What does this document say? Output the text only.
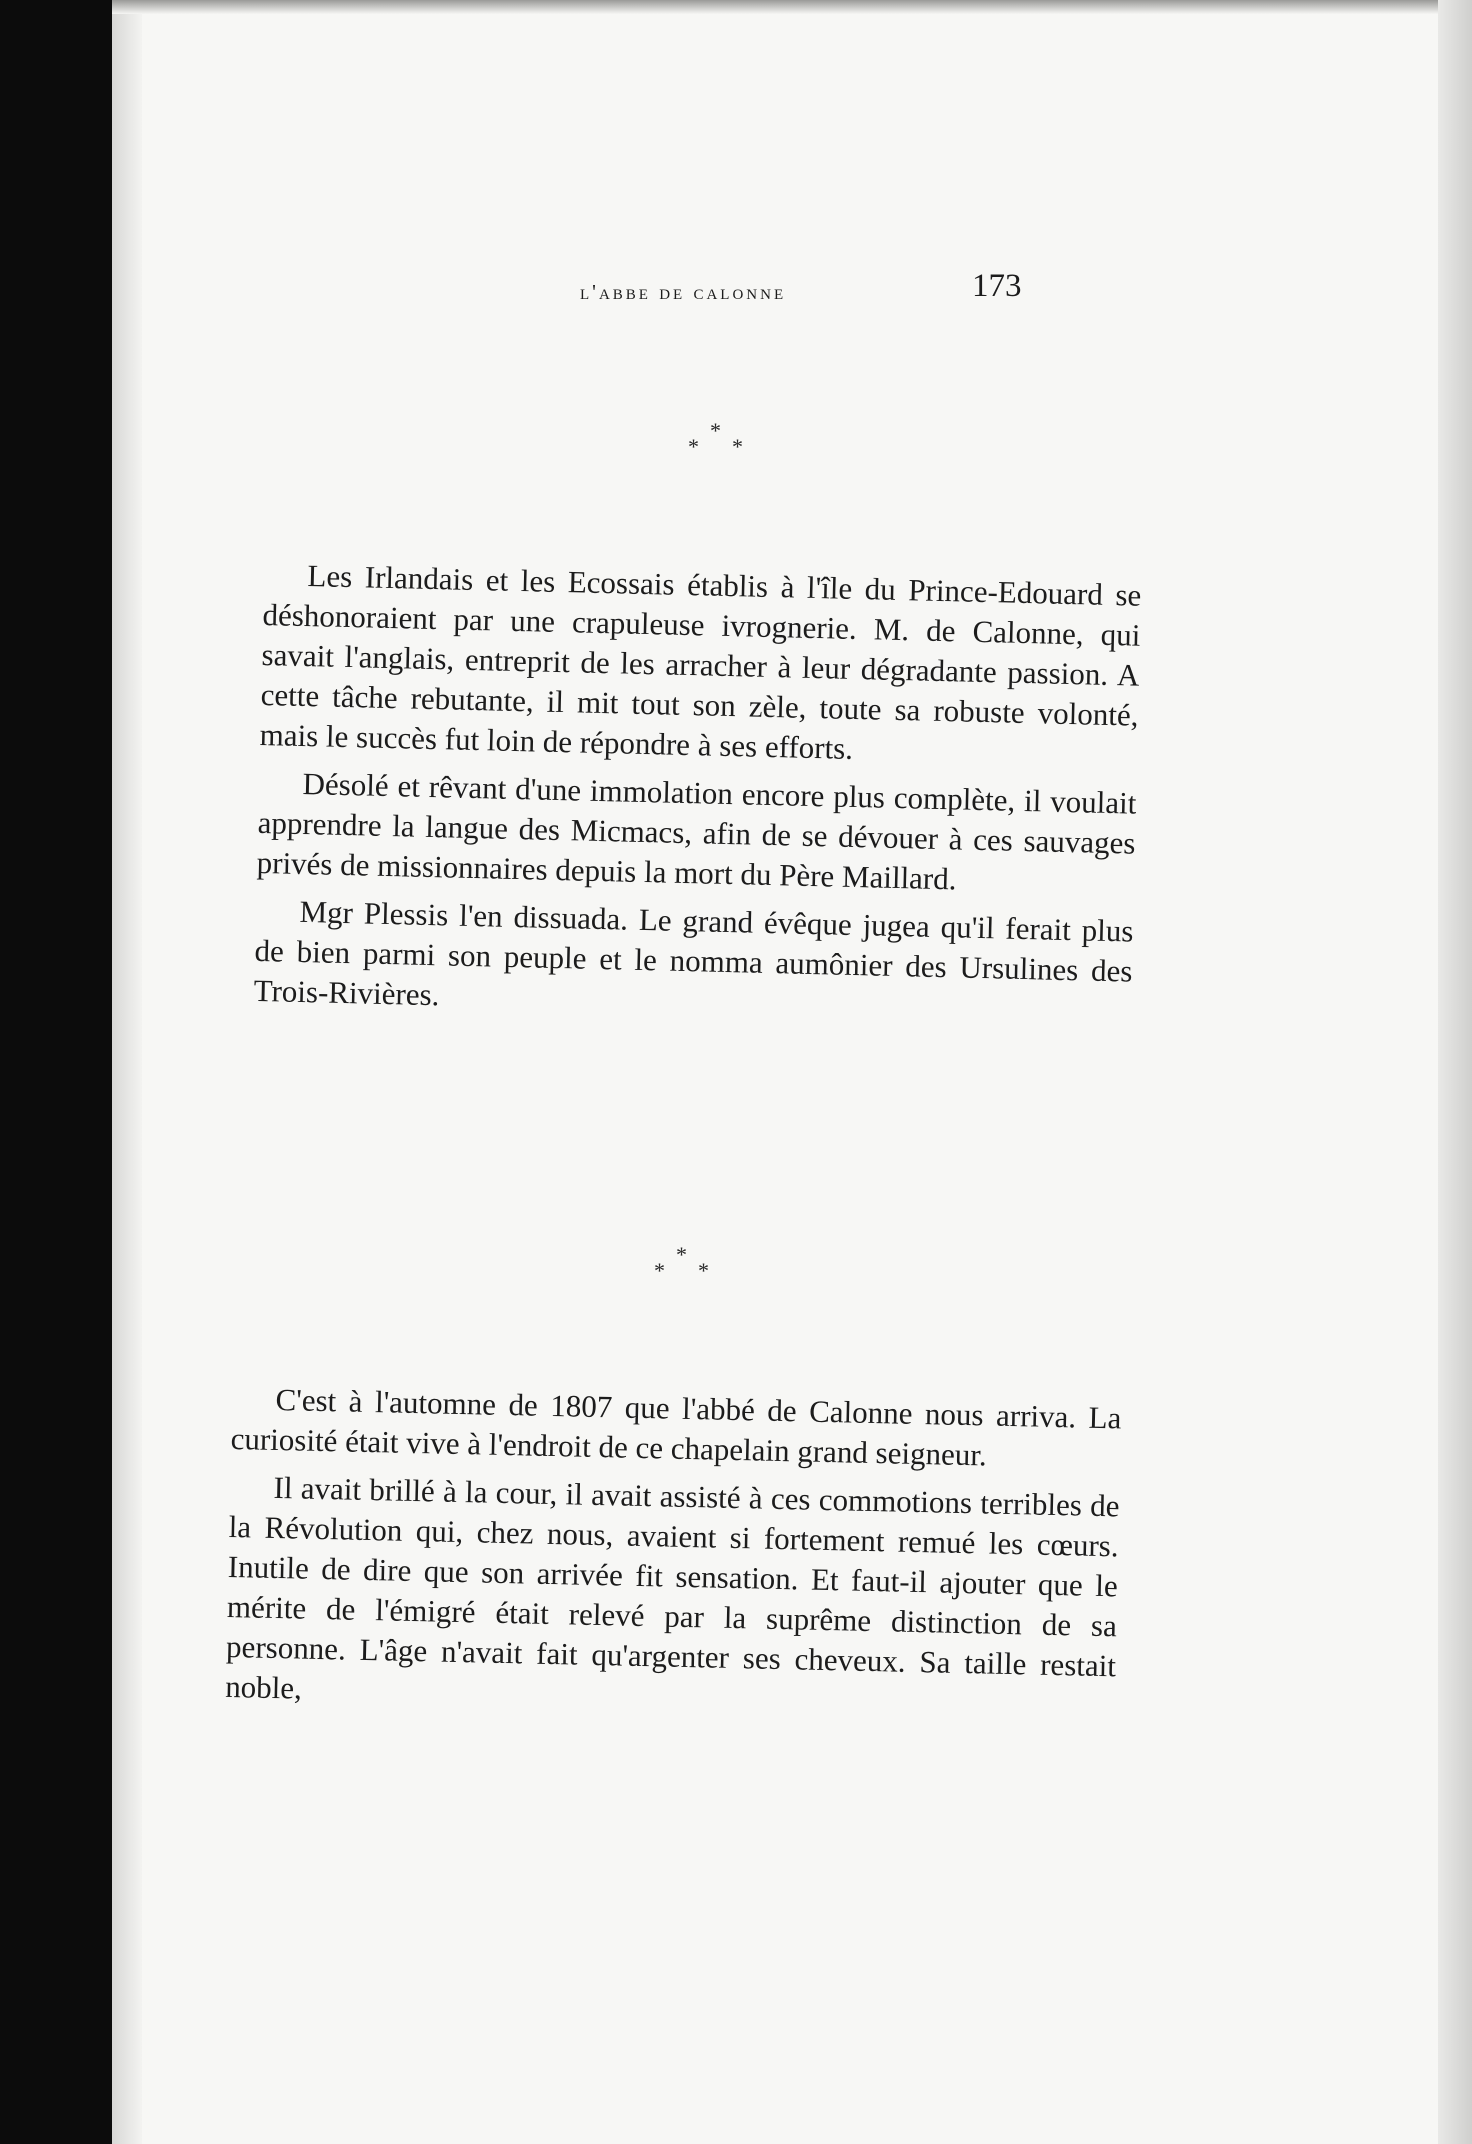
l'abbe de calonne	173
*
* *

Les Irlandais et les Ecossais établis à l'île du Prince-Edouard se déshonoraient par une crapuleuse ivrognerie. M. de Calonne, qui savait l'anglais, entreprit de les arracher à leur dégradante passion. A cette tâche rebutante, il mit tout son zèle, toute sa robuste volonté, mais le succès fut loin de répondre à ses efforts.

Désolé et rêvant d'une immolation encore plus complète, il voulait apprendre la langue des Micmacs, afin de se dévouer à ces sauvages privés de missionnaires depuis la mort du Père Maillard.

Mgr Plessis l'en dissuada. Le grand évêque jugea qu'il ferait plus de bien parmi son peuple et le nomma aumônier des Ursulines des Trois-Rivières.

*
* *

C'est à l'automne de 1807 que l'abbé de Calonne nous arriva. La curiosité était vive à l'endroit de ce chapelain grand seigneur.

Il avait brillé à la cour, il avait assisté à ces commotions terribles de la Révolution qui, chez nous, avaient si fortement remué les cœurs. Inutile de dire que son arrivée fit sensation. Et faut-il ajouter que le mérite de l'émigré était relevé par la suprême distinction de sa personne. L'âge n'avait fait qu'argenter ses cheveux. Sa taille restait noble,
